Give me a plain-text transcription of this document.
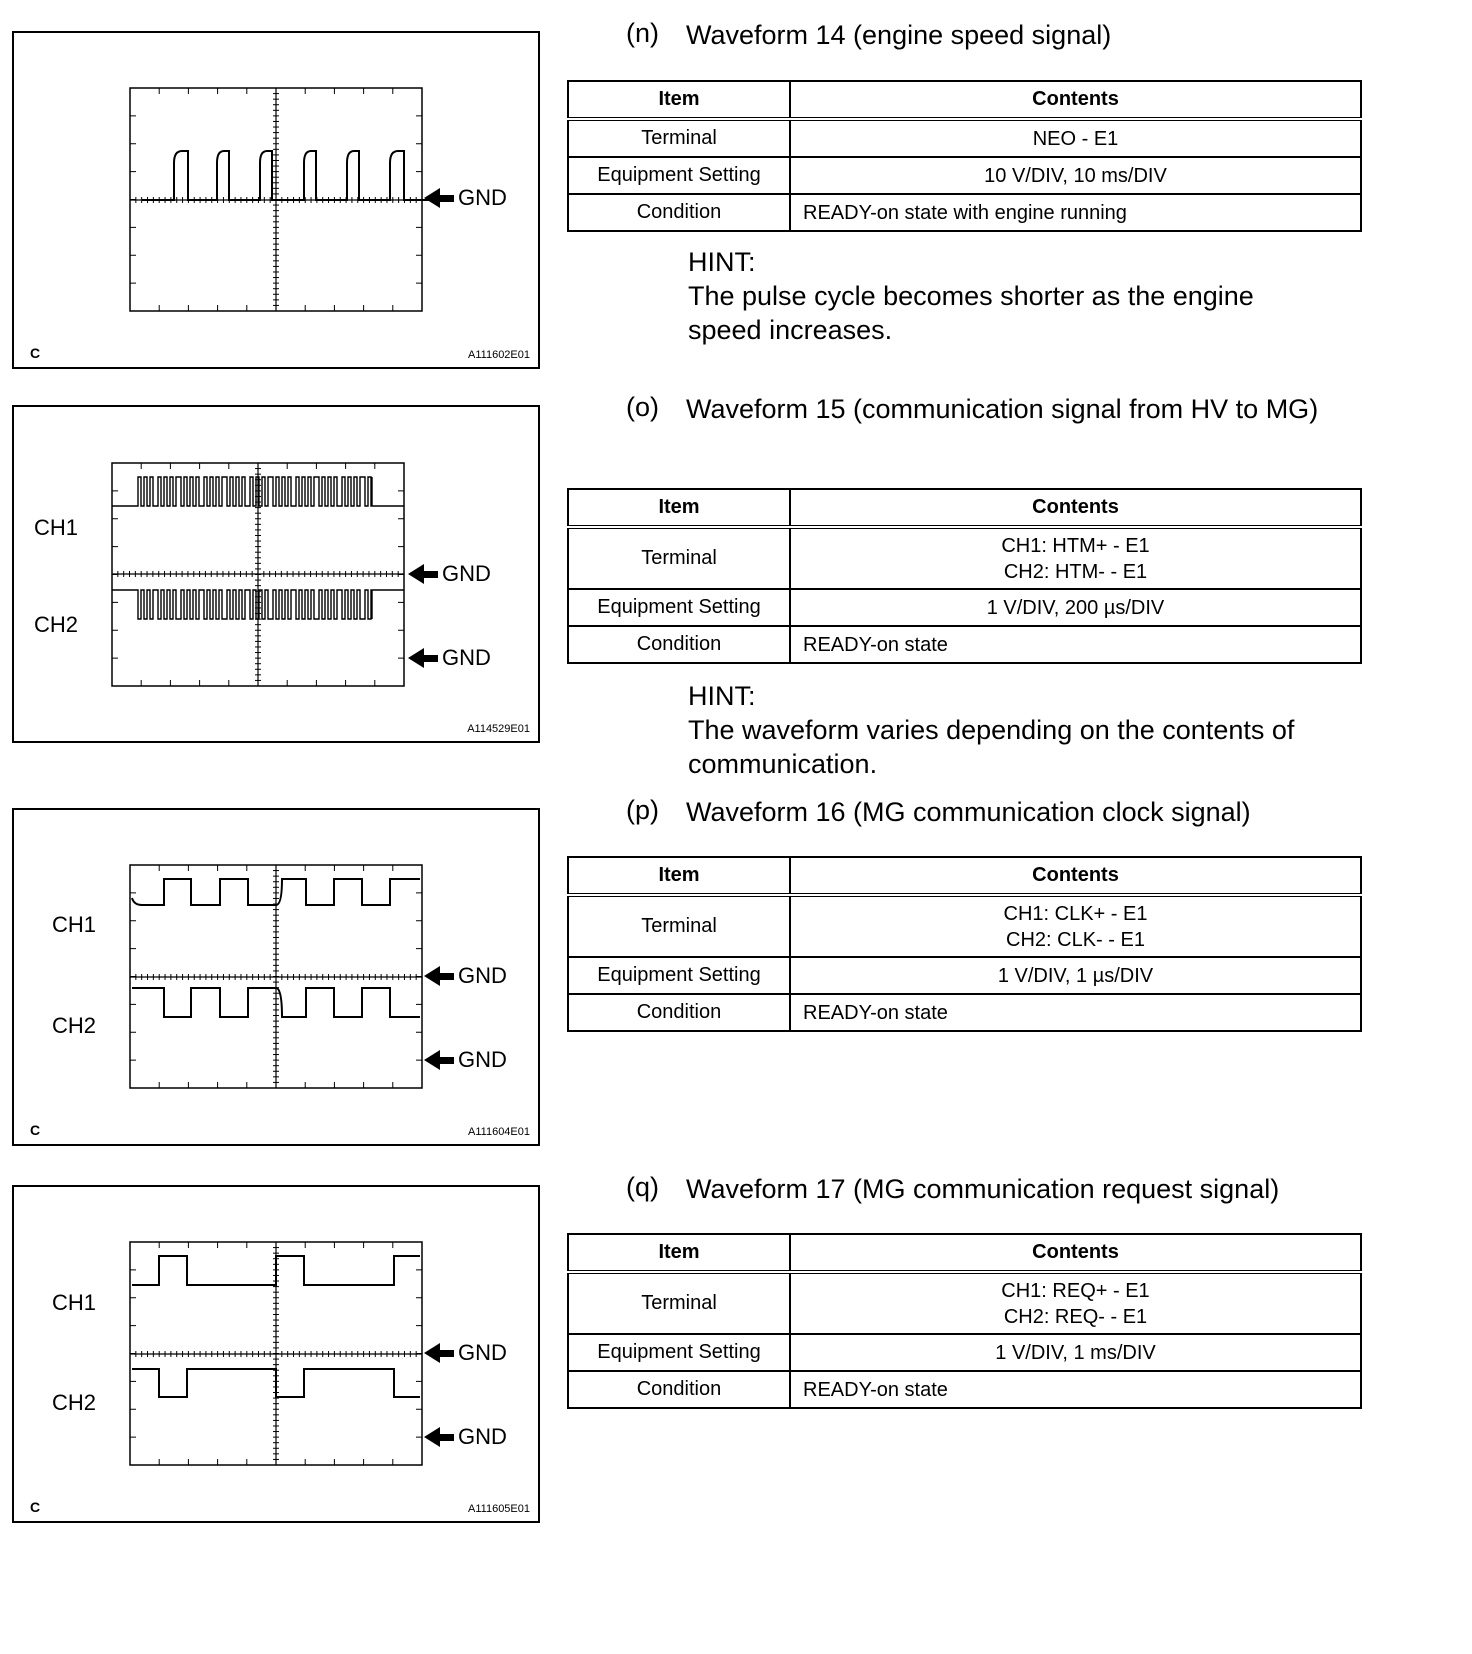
GND
C	A111602E01
CH1
CH2
GND
GND
A114529E01
CH1
CH2
GND
GND
C	A111604E01
CH1
CH2
GND
GND
C	A111605E01
(n)	Waveform 14 (engine speed signal)
Item	Contents
Terminal	NEO - E1
Equipment Setting	10 V/DIV, 10 ms/DIV
Condition	READY-on state with engine running
HINT:
The pulse cycle becomes shorter as the engine speed increases.
(o)	Waveform 15 (communication signal from HV to MG)
Item	Contents
Terminal	CH1: HTM+ - E1
CH2: HTM- - E1

Equipment Setting	1 V/DIV, 200 µs/DIV
Condition	READY-on state
HINT:
The waveform varies depending on the contents of communication.
(p)	Waveform 16 (MG communication clock signal)
Item	Contents
Terminal	CH1: CLK+ - E1
CH2: CLK- - E1

Equipment Setting	1 V/DIV, 1 µs/DIV
Condition	READY-on state
(q)	Waveform 17 (MG communication request signal)
Item	Contents
Terminal	CH1: REQ+ - E1
CH2: REQ- - E1

Equipment Setting	1 V/DIV, 1 ms/DIV
Condition	READY-on state
